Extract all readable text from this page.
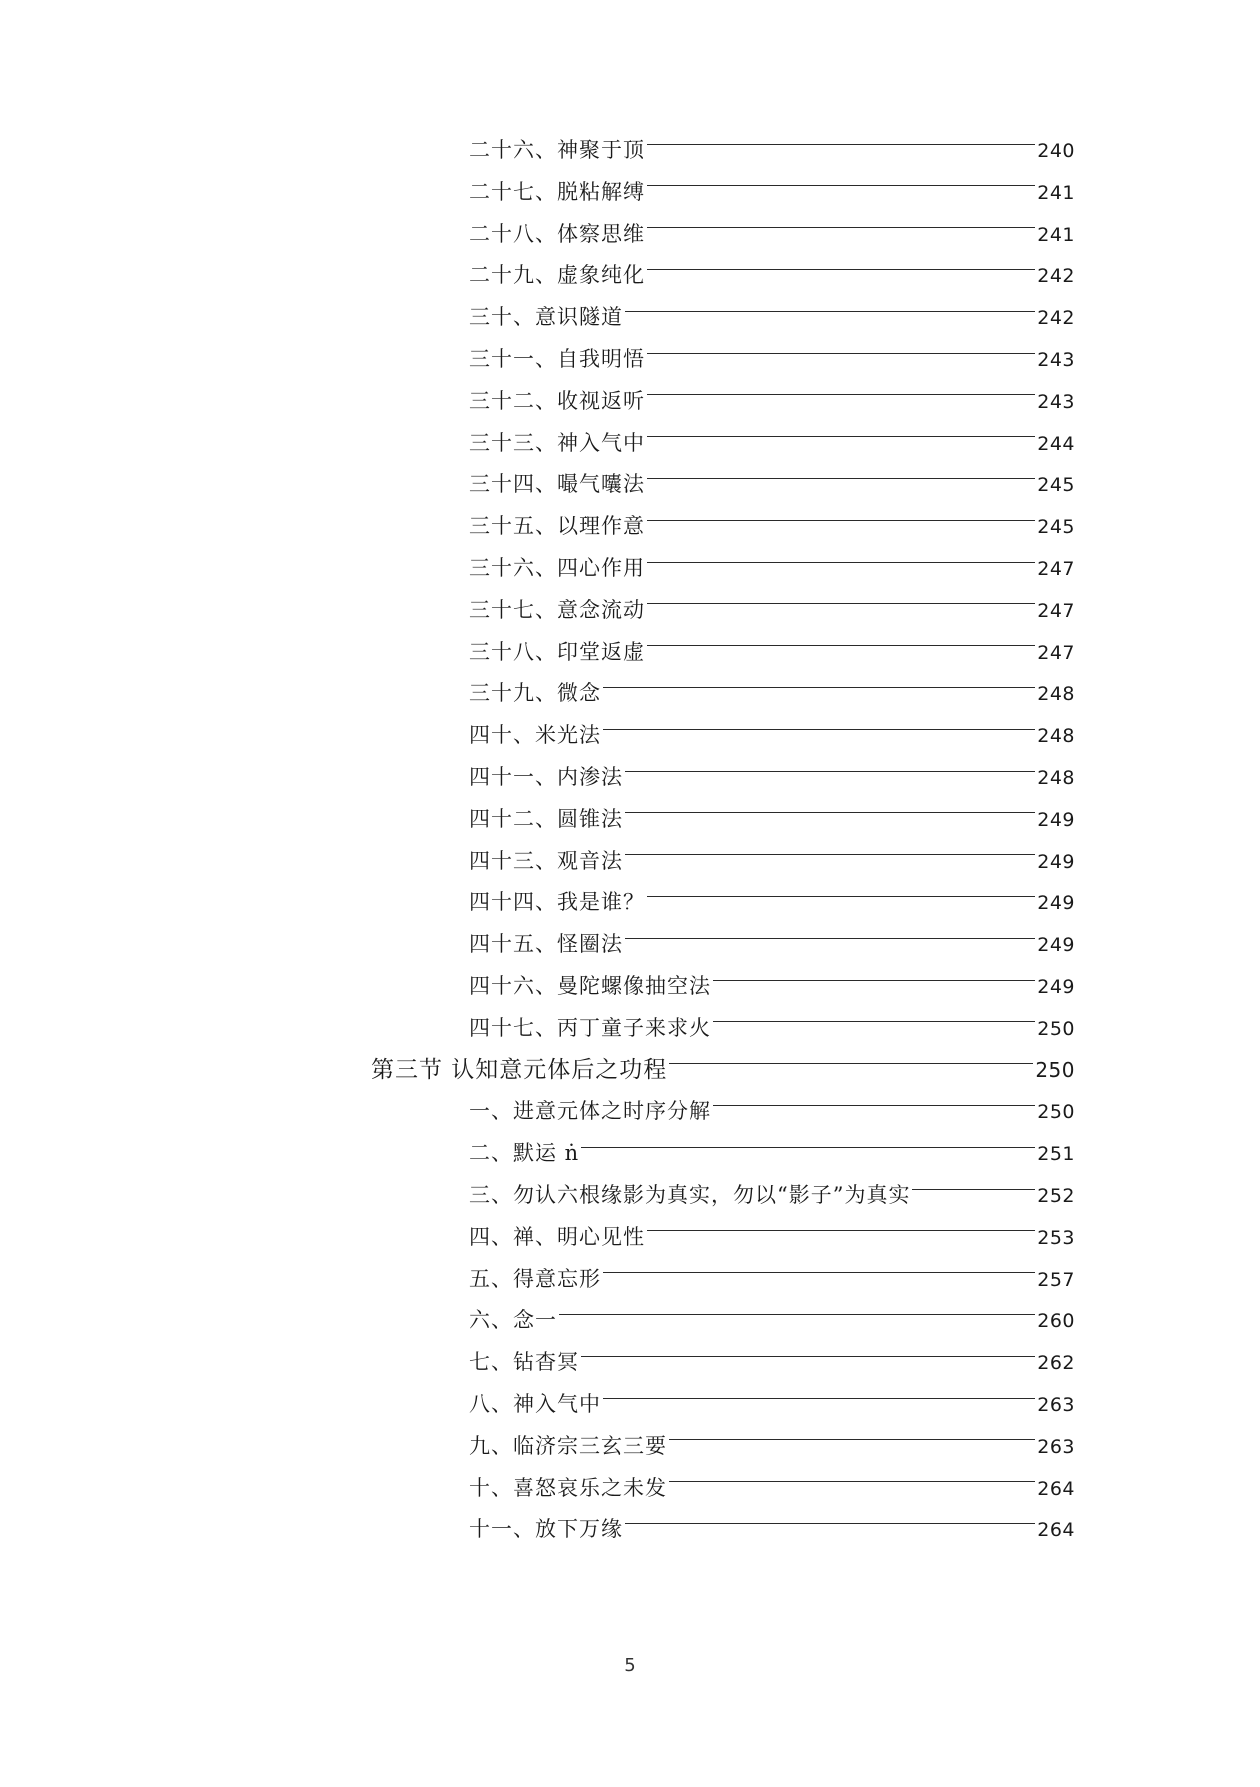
二十六、神聚于顶	240
二十七、脱粘解缚	241
二十八、体察思维	241
二十九、虚象纯化	242
三十、意识隧道	242
三十一、自我明悟	243
三十二、收视返听	243
三十三、神入气中	244
三十四、嘬气囔法	245
三十五、以理作意	245
三十六、四心作用	247
三十七、意念流动	247
三十八、印堂返虚	247
三十九、微念	248
四十、米光法	248
四十一、内渗法	248
四十二、圆锥法	249
四十三、观音法	249
四十四、我是谁？	249
四十五、怪圈法	249
四十六、曼陀螺像抽空法	249
四十七、丙丁童子来求火	250
第三节 认知意元体后之功程	250
一、进意元体之时序分解	250
二、默运 ṅ	251
三、勿认六根缘影为真实，勿以“影子”为真实	252
四、禅、明心见性	253
五、得意忘形	257
六、念一	260
七、钻杳冥	262
八、神入气中	263
九、临济宗三玄三要	263
十、喜怒哀乐之未发	264
十一、放下万缘	264
5
